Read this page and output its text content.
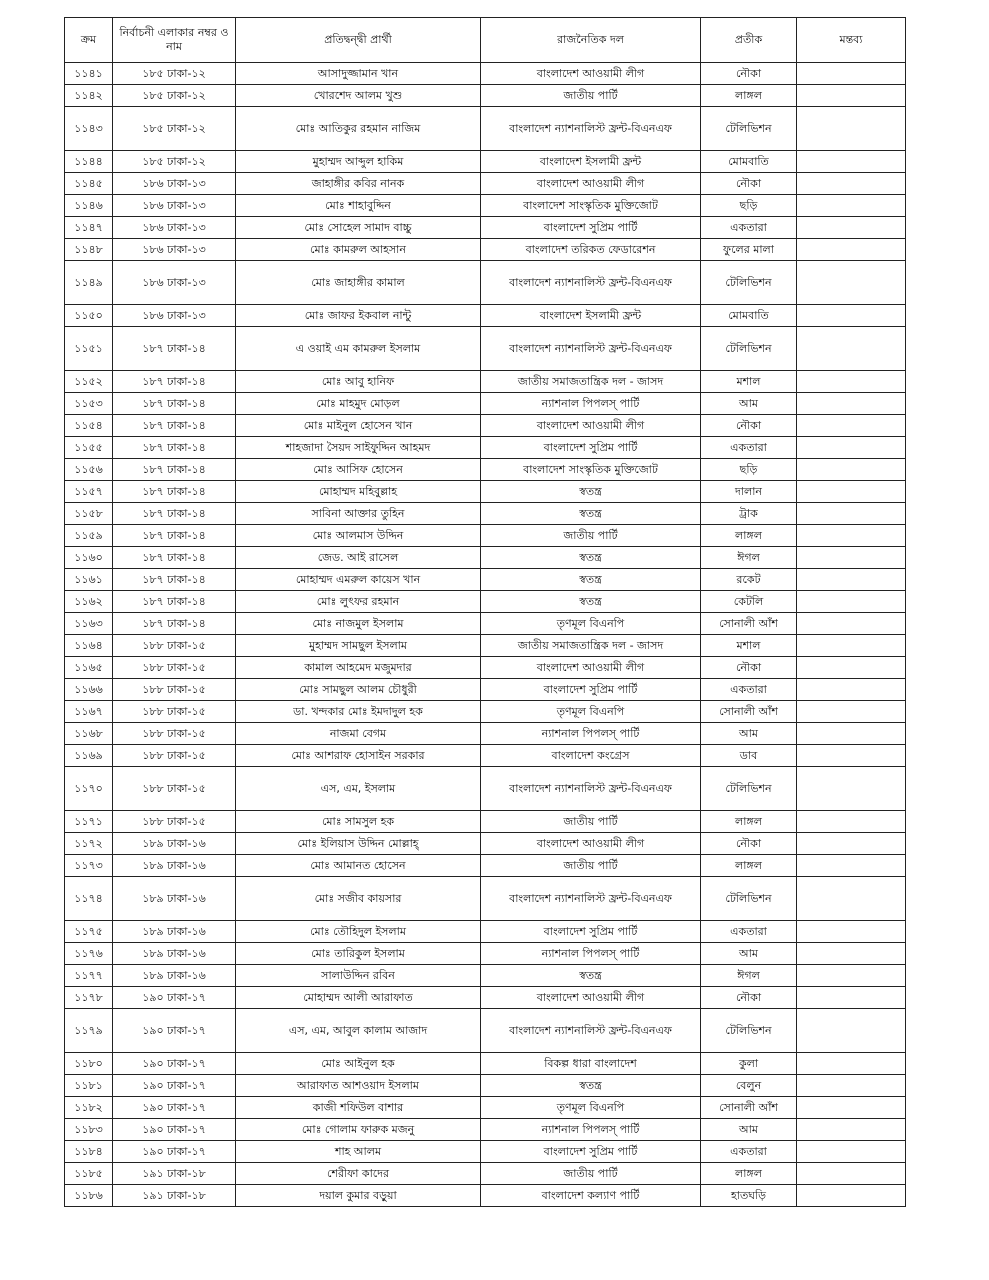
ক্রম	নির্বাচনী এলাকার নম্বর ও নাম	প্রতিদ্বন্দ্বী প্রার্থী	রাজনৈতিক দল	প্রতীক	মন্তব্য
১১৪১	১৮৫ ঢাকা-১২	আসাদুজ্জামান খান	বাংলাদেশ আওয়ামী লীগ	নৌকা	
১১৪২	১৮৫ ঢাকা-১২	খোরশেদ আলম খুশু	জাতীয় পার্টি	লাঙ্গল	
১১৪৩	১৮৫ ঢাকা-১২	মোঃ আতিকুর রহমান নাজিম	বাংলাদেশ ন্যাশনালিস্ট ফ্রন্ট-বিএনএফ	টেলিভিশন	
১১৪৪	১৮৫ ঢাকা-১২	মুহাম্মদ আব্দুল হাকিম	বাংলাদেশ ইসলামী ফ্রন্ট	মোমবাতি	
১১৪৫	১৮৬ ঢাকা-১৩	জাহাঙ্গীর কবির নানক	বাংলাদেশ আওয়ামী লীগ	নৌকা	
১১৪৬	১৮৬ ঢাকা-১৩	মোঃ শাহাবুদ্দিন	বাংলাদেশ সাংস্কৃতিক মুক্তিজোট	ছড়ি	
১১৪৭	১৮৬ ঢাকা-১৩	মোঃ সোহেল সামাদ বাচ্চু	বাংলাদেশ সুপ্রিম পার্টি	একতারা	
১১৪৮	১৮৬ ঢাকা-১৩	মোঃ কামরুল আহসান	বাংলাদেশ তরিকত ফেডারেশন	ফুলের মালা	
১১৪৯	১৮৬ ঢাকা-১৩	মোঃ জাহাঙ্গীর কামাল	বাংলাদেশ ন্যাশনালিস্ট ফ্রন্ট-বিএনএফ	টেলিভিশন	
১১৫০	১৮৬ ঢাকা-১৩	মোঃ জাফর ইকবাল নান্টু	বাংলাদেশ ইসলামী ফ্রন্ট	মোমবাতি	
১১৫১	১৮৭ ঢাকা-১৪	এ ওয়াই এম কামরুল ইসলাম	বাংলাদেশ ন্যাশনালিস্ট ফ্রন্ট-বিএনএফ	টেলিভিশন	
১১৫২	১৮৭ ঢাকা-১৪	মোঃ আবু হানিফ	জাতীয় সমাজতান্ত্রিক দল - জাসদ	মশাল	
১১৫৩	১৮৭ ঢাকা-১৪	মোঃ মাহমুদ মোড়ল	ন্যাশনাল পিপলস্ পার্টি	আম	
১১৫৪	১৮৭ ঢাকা-১৪	মোঃ মাইনুল হোসেন খান	বাংলাদেশ আওয়ামী লীগ	নৌকা	
১১৫৫	১৮৭ ঢাকা-১৪	শাহজাদা সৈয়দ সাইফুদ্দিন আহমদ	বাংলাদেশ সুপ্রিম পার্টি	একতারা	
১১৫৬	১৮৭ ঢাকা-১৪	মোঃ আসিফ হোসেন	বাংলাদেশ সাংস্কৃতিক মুক্তিজোট	ছড়ি	
১১৫৭	১৮৭ ঢাকা-১৪	মোহাম্মদ মহিবুল্লাহ	স্বতন্ত্র	দালান	
১১৫৮	১৮৭ ঢাকা-১৪	সাবিনা আক্তার তুহিন	স্বতন্ত্র	ট্রাক	
১১৫৯	১৮৭ ঢাকা-১৪	মোঃ আলমাস উদ্দিন	জাতীয় পার্টি	লাঙ্গল	
১১৬০	১৮৭ ঢাকা-১৪	জেড. আই রাসেল	স্বতন্ত্র	ঈগল	
১১৬১	১৮৭ ঢাকা-১৪	মোহাম্মদ এমরুল কায়েস খান	স্বতন্ত্র	রকেট	
১১৬২	১৮৭ ঢাকা-১৪	মোঃ লুৎফর রহমান	স্বতন্ত্র	কেটলি	
১১৬৩	১৮৭ ঢাকা-১৪	মোঃ নাজমুল ইসলাম	তৃণমূল বিএনপি	সোনালী আঁশ	
১১৬৪	১৮৮ ঢাকা-১৫	মুহাম্মদ সামছুল ইসলাম	জাতীয় সমাজতান্ত্রিক দল - জাসদ	মশাল	
১১৬৫	১৮৮ ঢাকা-১৫	কামাল আহমেদ মজুমদার	বাংলাদেশ আওয়ামী লীগ	নৌকা	
১১৬৬	১৮৮ ঢাকা-১৫	মোঃ সামছুল আলম চৌধুরী	বাংলাদেশ সুপ্রিম পার্টি	একতারা	
১১৬৭	১৮৮ ঢাকা-১৫	ডা. খন্দকার মোঃ ইমদাদুল হক	তৃণমূল বিএনপি	সোনালী আঁশ	
১১৬৮	১৮৮ ঢাকা-১৫	নাজমা বেগম	ন্যাশনাল পিপলস্ পার্টি	আম	
১১৬৯	১৮৮ ঢাকা-১৫	মোঃ আশরাফ হোসাইন সরকার	বাংলাদেশ কংগ্রেস	ডাব	
১১৭০	১৮৮ ঢাকা-১৫	এস, এম, ইসলাম	বাংলাদেশ ন্যাশনালিস্ট ফ্রন্ট-বিএনএফ	টেলিভিশন	
১১৭১	১৮৮ ঢাকা-১৫	মোঃ সামসুল হক	জাতীয় পার্টি	লাঙ্গল	
১১৭২	১৮৯ ঢাকা-১৬	মোঃ ইলিয়াস উদ্দিন মোল্লাহ্	বাংলাদেশ আওয়ামী লীগ	নৌকা	
১১৭৩	১৮৯ ঢাকা-১৬	মোঃ আমানত হোসেন	জাতীয় পার্টি	লাঙ্গল	
১১৭৪	১৮৯ ঢাকা-১৬	মোঃ সজীব কায়সার	বাংলাদেশ ন্যাশনালিস্ট ফ্রন্ট-বিএনএফ	টেলিভিশন	
১১৭৫	১৮৯ ঢাকা-১৬	মোঃ তৌহিদুল ইসলাম	বাংলাদেশ সুপ্রিম পার্টি	একতারা	
১১৭৬	১৮৯ ঢাকা-১৬	মোঃ তারিকুল ইসলাম	ন্যাশনাল পিপলস্ পার্টি	আম	
১১৭৭	১৮৯ ঢাকা-১৬	সালাউদ্দিন রবিন	স্বতন্ত্র	ঈগল	
১১৭৮	১৯০ ঢাকা-১৭	মোহাম্মদ আলী আরাফাত	বাংলাদেশ আওয়ামী লীগ	নৌকা	
১১৭৯	১৯০ ঢাকা-১৭	এস, এম, আবুল কালাম আজাদ	বাংলাদেশ ন্যাশনালিস্ট ফ্রন্ট-বিএনএফ	টেলিভিশন	
১১৮০	১৯০ ঢাকা-১৭	মোঃ আইনুল হক	বিকল্প ধারা বাংলাদেশ	কুলা	
১১৮১	১৯০ ঢাকা-১৭	আরাফাত আশওয়াদ ইসলাম	স্বতন্ত্র	বেলুন	
১১৮২	১৯০ ঢাকা-১৭	কাজী শফিউল বাশার	তৃণমূল বিএনপি	সোনালী আঁশ	
১১৮৩	১৯০ ঢাকা-১৭	মোঃ গোলাম ফারুক মজনু	ন্যাশনাল পিপলস্ পার্টি	আম	
১১৮৪	১৯০ ঢাকা-১৭	শাহ আলম	বাংলাদেশ সুপ্রিম পার্টি	একতারা	
১১৮৫	১৯১ ঢাকা-১৮	শেরীফা কাদের	জাতীয় পার্টি	লাঙ্গল	
১১৮৬	১৯১ ঢাকা-১৮	দয়াল কুমার বড়ুয়া	বাংলাদেশ কল্যাণ পার্টি	হাতঘড়ি	
